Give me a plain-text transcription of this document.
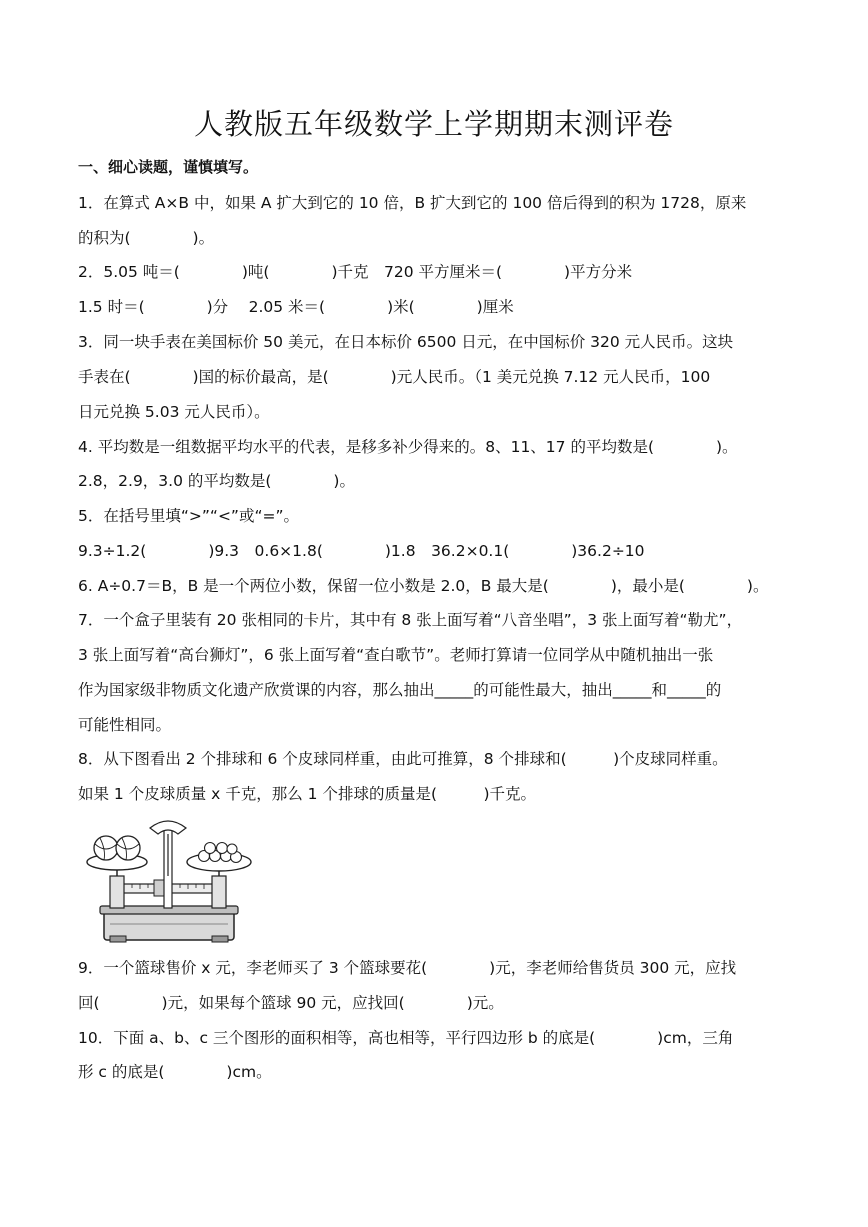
人教版五年级数学上学期期末测评卷
一、细心读题，谨慎填写。
1．在算式 A×B 中，如果 A 扩大到它的 10 倍，B 扩大到它的 100 倍后得到的积为 1728，原来
的积为(　　　　)。
2．5.05 吨＝(　　　　)吨(　　　　)千克　720 平方厘米＝(　　　　)平方分米
1.5 时＝(　　　　)分　 2.05 米＝(　　　　)米(　　　　)厘米
3．同一块手表在美国标价 50 美元，在日本标价 6500 日元，在中国标价 320 元人民币。这块
手表在(　　　　)国的标价最高，是(　　　　)元人民币。（1 美元兑换 7.12 元人民币，100
日元兑换 5.03 元人民币）。
4. 平均数是一组数据平均水平的代表，是移多补少得来的。8、11、17 的平均数是(　　　　)。
2.8，2.9，3.0 的平均数是(　　　　)。
5．在括号里填“>”“<”或“=”。
9.3÷1.2(　　　　)9.3　0.6×1.8(　　　　)1.8　36.2×0.1(　　　　)36.2÷10
6. A÷0.7＝B，B 是一个两位小数，保留一位小数是 2.0，B 最大是(　　　　)，最小是(　　　　)。
7．一个盒子里装有 20 张相同的卡片，其中有 8 张上面写着“八音坐唱”，3 张上面写着“勒尤”，
3 张上面写着“高台狮灯”，6 张上面写着“查白歌节”。老师打算请一位同学从中随机抽出一张
作为国家级非物质文化遗产欣赏课的内容，那么抽出_____的可能性最大，抽出_____和_____的
可能性相同。
8．从下图看出 2 个排球和 6 个皮球同样重，由此可推算，8 个排球和(　　　)个皮球同样重。
如果 1 个皮球质量 x 千克，那么 1 个排球的质量是(　　　)千克。
9．一个篮球售价 x 元，李老师买了 3 个篮球要花(　　　　)元，李老师给售货员 300 元，应找
回(　　　　)元，如果每个篮球 90 元，应找回(　　　　)元。
10．下面 a、b、c 三个图形的面积相等，高也相等，平行四边形 b 的底是(　　　　)cm，三角
形 c 的底是(　　　　)cm。
